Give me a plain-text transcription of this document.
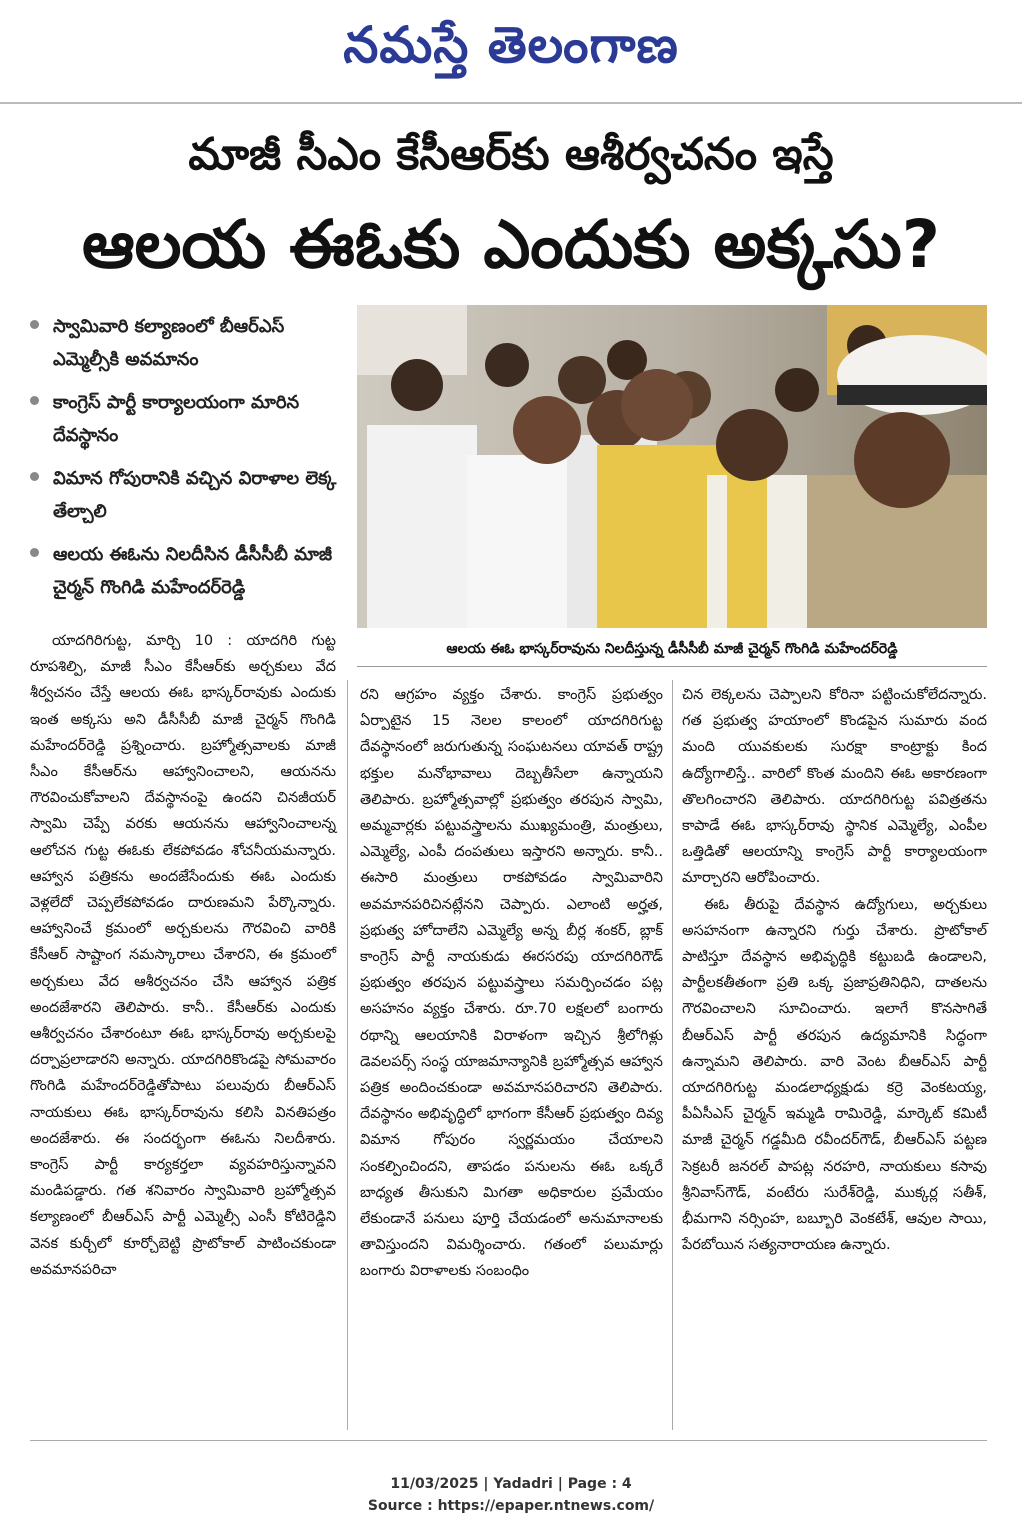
నమస్తే తెలంగాణ
మాజీ సీఎం కేసీఆర్‌కు ఆశీర్వచనం ఇస్తే
ఆలయ ఈఓకు ఎందుకు అక్కసు?
స్వామివారి కల్యాణంలో బీఆర్ఎస్ ఎమ్మెల్సీకి అవమానం
కాంగ్రెస్ పార్టీ కార్యాలయంగా మారిన దేవస్థానం
విమాన గోపురానికి వచ్చిన విరాళాల లెక్క తేల్చాలి
ఆలయ ఈఓను నిలదీసిన డీసీసీబీ మాజీ చైర్మన్ గొంగిడి మహేందర్‌రెడ్డి
ఆలయ ఈఓ భాస్కర్‌రావును నిలదీస్తున్న డీసీసీబీ మాజీ చైర్మన్ గొంగిడి మహేందర్‌రెడ్డి

యాదగిరిగుట్ట, మార్చి 10 : యాదగిరి గుట్ట రూపశిల్పి, మాజీ సీఎం కేసీఆర్‌కు అర్చకులు వేద శీర్వచనం చేస్తే ఆలయ ఈఓ భాస్కర్‌రావుకు ఎందుకు ఇంత అక్కసు అని డీసీసీబీ మాజీ చైర్మన్ గొంగిడి మహేందర్‌రెడ్డి ప్రశ్నించారు. బ్రహ్మోత్సవాలకు మాజీ సీఎం కేసీఆర్‌ను ఆహ్వానించాలని, ఆయనను గౌరవించుకోవాలని దేవస్థానంపై ఉందని చినజీయర్ స్వామి చెప్పే వరకు ఆయనను ఆహ్వానించాలన్న ఆలోచన గుట్ట ఈఓకు లేకపోవడం శోచనీయమన్నారు. ఆహ్వాన పత్రికను అందజేసేందుకు ఈఓ ఎందుకు వెళ్లలేదో చెప్పలేకపోవడం దారుణమని పేర్కొన్నారు. ఆహ్వానించే క్రమంలో అర్చకులను గౌరవించి వారికి కేసీఆర్ సాష్టాంగ నమస్కారాలు చేశారని, ఈ క్రమంలో అర్చకులు వేద ఆశీర్వచనం చేసి ఆహ్వాన పత్రిక అందజేశారని తెలిపారు. కానీ.. కేసీఆర్‌కు ఎందుకు ఆశీర్వచనం చేశారంటూ ఈఓ భాస్కర్‌రావు అర్చకులపై దర్పాప్రలాడారని అన్నారు. యాదగిరికొండపై సోమవారం గొంగిడి మహేందర్‌రెడ్డితోపాటు పలువురు బీఆర్ఎస్ నాయకులు ఈఓ భాస్కర్‌రావును కలిసి వినతిపత్రం అందజేశారు. ఈ సందర్భంగా ఈఓను నిలదీశారు. కాంగ్రెస్ పార్టీ కార్యకర్తలా వ్యవహరిస్తున్నావని మండిపడ్డారు. గత శనివారం స్వామివారి బ్రహ్మోత్సవ కల్యాణంలో బీఆర్ఎస్ పార్టీ ఎమ్మెల్సీ ఎంసీ కోటిరెడ్డిని వెనక కుర్చీలో కూర్చోబెట్టి ప్రొటోకాల్ పాటించకుండా అవమానపరిచా

రని ఆగ్రహం వ్యక్తం చేశారు. కాంగ్రెస్ ప్రభుత్వం ఏర్పాటైన 15 నెలల కాలంలో యాదగిరిగుట్ట దేవస్థానంలో జరుగుతున్న సంఘటనలు యావత్ రాష్ట్ర భక్తుల మనోభావాలు దెబ్బతీసేలా ఉన్నాయని తెలిపారు. బ్రహ్మోత్సవాల్లో ప్రభుత్వం తరపున స్వామి, అమ్మవార్లకు పట్టువస్త్రాలను ముఖ్యమంత్రి, మంత్రులు, ఎమ్మెల్యే, ఎంపీ దంపతులు ఇస్తారని అన్నారు. కానీ.. ఈసారి మంత్రులు రాకపోవడం స్వామివారిని అవమానపరిచినట్లేనని చెప్పారు. ఎలాంటి అర్హత, ప్రభుత్వ హోదాలేని ఎమ్మెల్యే అన్న బీర్ల శంకర్, బ్లాక్ కాంగ్రెస్ పార్టీ నాయకుడు ఈరసరపు యాదగిరిగౌడ్ ప్రభుత్వం తరపున పట్టువస్త్రాలు సమర్పించడం పట్ల అసహనం వ్యక్తం చేశారు. రూ.70 లక్షలలో బంగారు రథాన్ని ఆలయానికి విరాళంగా ఇచ్చిన శ్రీలోగిళ్లు డెవలపర్స్ సంస్థ యాజమాన్యానికి బ్రహ్మోత్సవ ఆహ్వాన పత్రిక అందించకుండా అవమానపరిచారని తెలిపారు. దేవస్థానం అభివృద్ధిలో భాగంగా కేసీఆర్ ప్రభుత్వం దివ్య విమాన గోపురం స్వర్ణమయం చేయాలని సంకల్పించిందని, తాపడం పనులను ఈఓ ఒక్కరే బాధ్యత తీసుకుని మిగతా అధికారుల ప్రమేయం లేకుండానే పనులు పూర్తి చేయడంలో అనుమానాలకు తావిస్తుందని విమర్శించారు. గతంలో పలుమార్లు బంగారు విరాళాలకు సంబంధిం

చిన లెక్కలను చెప్పాలని కోరినా పట్టించుకోలేదన్నారు. గత ప్రభుత్వ హయాంలో కొండపైన సుమారు వంద మంది యువకులకు సురక్షా కాంట్రాక్టు కింద ఉద్యోగాలిస్తే.. వారిలో కొంత మందిని ఈఓ అకారణంగా తొలగించారని తెలిపారు. యాదగిరిగుట్ట పవిత్రతను కాపాడే ఈఓ భాస్కర్‌రావు స్థానిక ఎమ్మెల్యే, ఎంపీల ఒత్తిడితో ఆలయాన్ని కాంగ్రెస్ పార్టీ కార్యాలయంగా మార్చారని ఆరోపించారు.

ఈఓ తీరుపై దేవస్థాన ఉద్యోగులు, అర్చకులు అసహనంగా ఉన్నారని గుర్తు చేశారు. ప్రొటోకాల్ పాటిస్తూ దేవస్థాన అభివృద్ధికి కట్టుబడి ఉండాలని, పార్టీలకతీతంగా ప్రతి ఒక్క ప్రజాప్రతినిధిని, దాతలను గౌరవించాలని సూచించారు. ఇలాగే కొనసాగితే బీఆర్ఎస్ పార్టీ తరపున ఉద్యమానికి సిద్ధంగా ఉన్నామని తెలిపారు. వారి వెంట బీఆర్ఎస్ పార్టీ యాదగిరిగుట్ట మండలాధ్యక్షుడు కర్రె వెంకటయ్య, పీఏసీఎస్ చైర్మన్ ఇమ్మడి రామిరెడ్డి, మార్కెట్ కమిటీ మాజీ చైర్మన్ గడ్డమీది రవీందర్‌గౌడ్, బీఆర్ఎస్ పట్టణ సెక్రటరీ జనరల్ పాపట్ల నరహరి, నాయకులు కసావు శ్రీనివాస్‌గౌడ్, వంటేరు సురేశ్‌రెడ్డి, ముక్కర్ల సతీశ్, భీమగాని నర్సింహ, బబ్బూరి వెంకటేశ్, ఆవుల సాయి, పేరబోయిన సత్యనారాయణ ఉన్నారు.

11/03/2025 | Yadadri | Page : 4
Source : https://epaper.ntnews.com/
